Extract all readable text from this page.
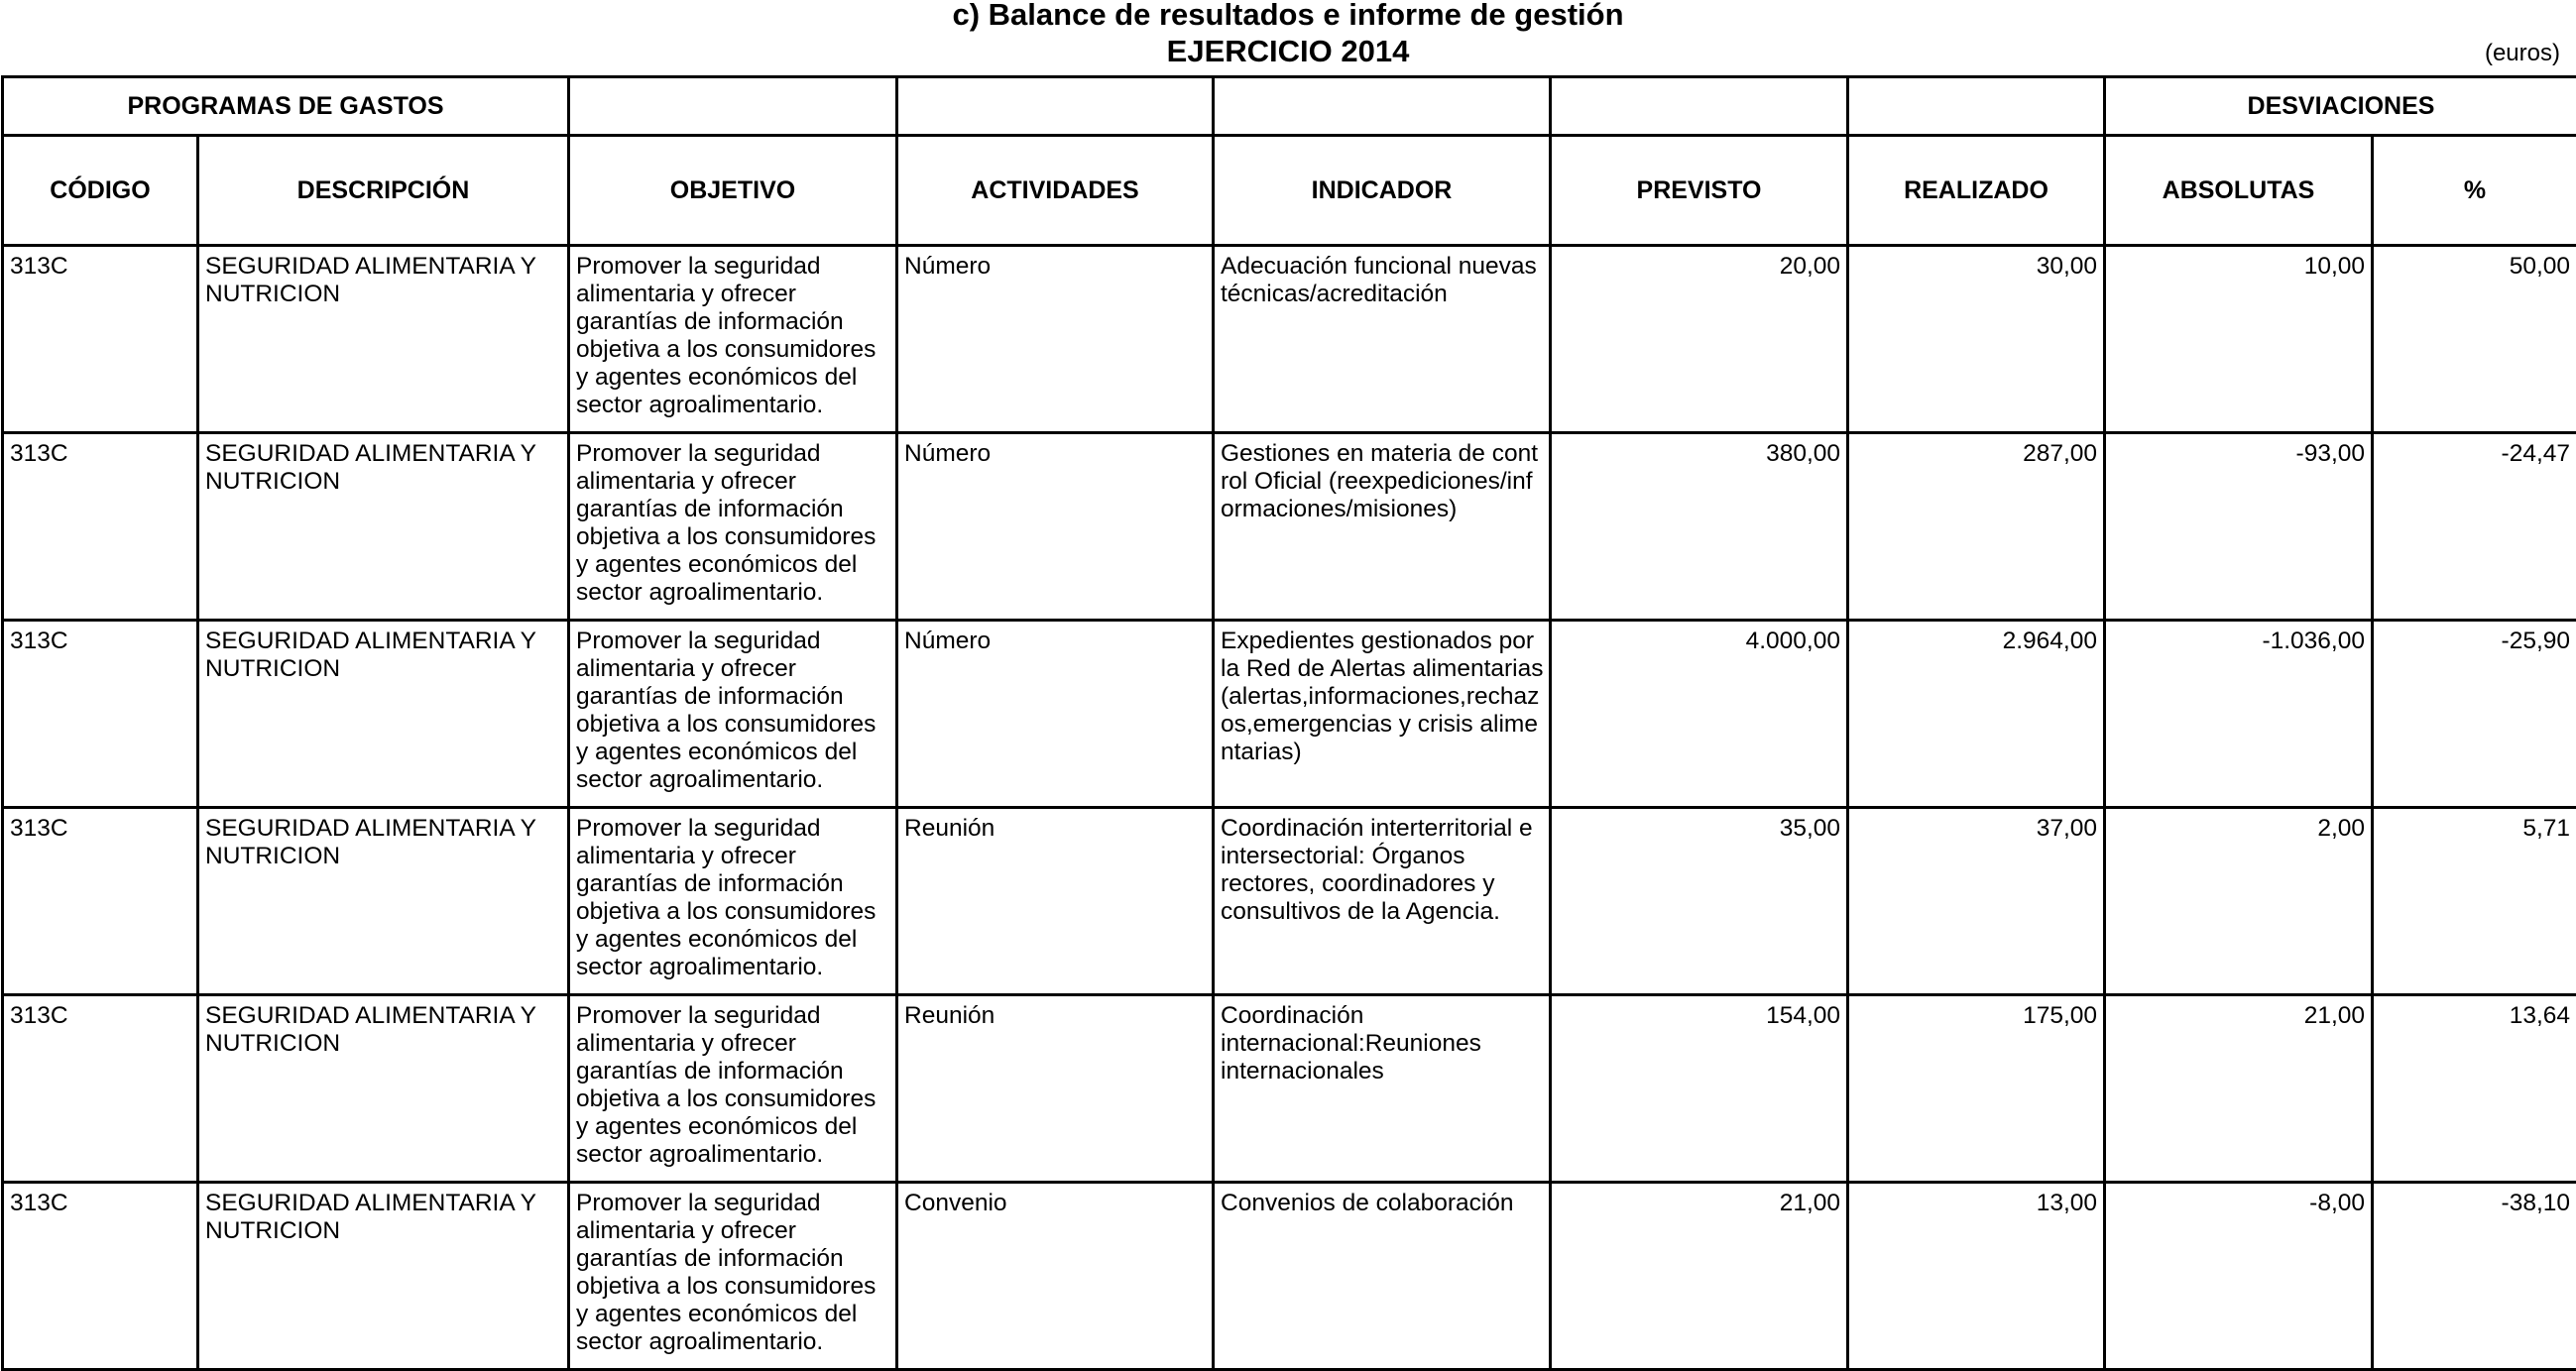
c) Balance de resultados e informe de gestión
EJERCICIO 2014	(euros)
PROGRAMAS DE GASTOS							DESVIACIONES	
CÓDIGO	DESCRIPCIÓN	OBJETIVO	ACTIVIDADES	INDICADOR	PREVISTO	REALIZADO	ABSOLUTAS	%
313C	SEGURIDAD ALIMENTARIA Y NUTRICION	Promover la seguridad alimentaria y ofrecer garantías de información objetiva a los consumidores y agentes económicos del sector agroalimentario.	Número	Adecuación funcional nuevas técnicas/acreditación	20,00	30,00	10,00	50,00
313C	SEGURIDAD ALIMENTARIA Y NUTRICION	Promover la seguridad alimentaria y ofrecer garantías de información objetiva a los consumidores y agentes económicos del sector agroalimentario.	Número	Gestiones en materia de control Oficial (reexpediciones/informaciones/misiones)	380,00	287,00	-93,00	-24,47
313C	SEGURIDAD ALIMENTARIA Y NUTRICION	Promover la seguridad alimentaria y ofrecer garantías de información objetiva a los consumidores y agentes económicos del sector agroalimentario.	Número	Expedientes gestionados por la Red de Alertas alimentarias (alertas,informaciones,rechazos,emergencias y crisis alimentarias)	4.000,00	2.964,00	-1.036,00	-25,90
313C	SEGURIDAD ALIMENTARIA Y NUTRICION	Promover la seguridad alimentaria y ofrecer garantías de información objetiva a los consumidores y agentes económicos del sector agroalimentario.	Reunión	Coordinación interterritorial e intersectorial: Órganos rectores, coordinadores y consultivos de la Agencia.	35,00	37,00	2,00	5,71
313C	SEGURIDAD ALIMENTARIA Y NUTRICION	Promover la seguridad alimentaria y ofrecer garantías de información objetiva a los consumidores y agentes económicos del sector agroalimentario.	Reunión	Coordinación internacional:Reuniones internacionales	154,00	175,00	21,00	13,64
313C	SEGURIDAD ALIMENTARIA Y NUTRICION	Promover la seguridad alimentaria y ofrecer garantías de información objetiva a los consumidores y agentes económicos del sector agroalimentario.	Convenio	Convenios de colaboración	21,00	13,00	-8,00	-38,10
